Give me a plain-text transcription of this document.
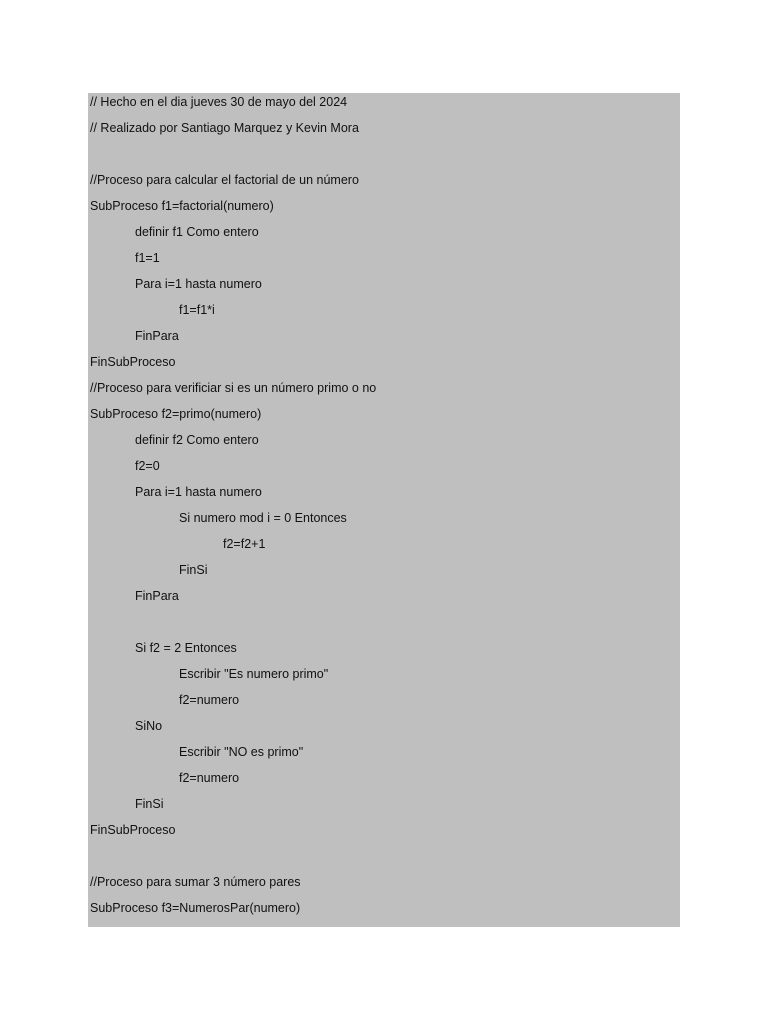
// Hecho en el dia jueves 30 de mayo del 2024
// Realizado por Santiago Marquez y Kevin Mora
//Proceso para calcular el factorial de un número
SubProceso f1=factorial(numero)
definir f1 Como entero
f1=1
Para i=1 hasta numero
f1=f1*i
FinPara
FinSubProceso
//Proceso para verificiar si es un número primo o no
SubProceso f2=primo(numero)
definir f2 Como entero
f2=0
Para i=1 hasta numero
Si numero mod i = 0 Entonces
f2=f2+1
FinSi
FinPara
Si f2 = 2 Entonces
Escribir "Es numero primo"
f2=numero
SiNo
Escribir "NO es primo"
f2=numero
FinSi
FinSubProceso
//Proceso para sumar 3 número pares
SubProceso f3=NumerosPar(numero)
